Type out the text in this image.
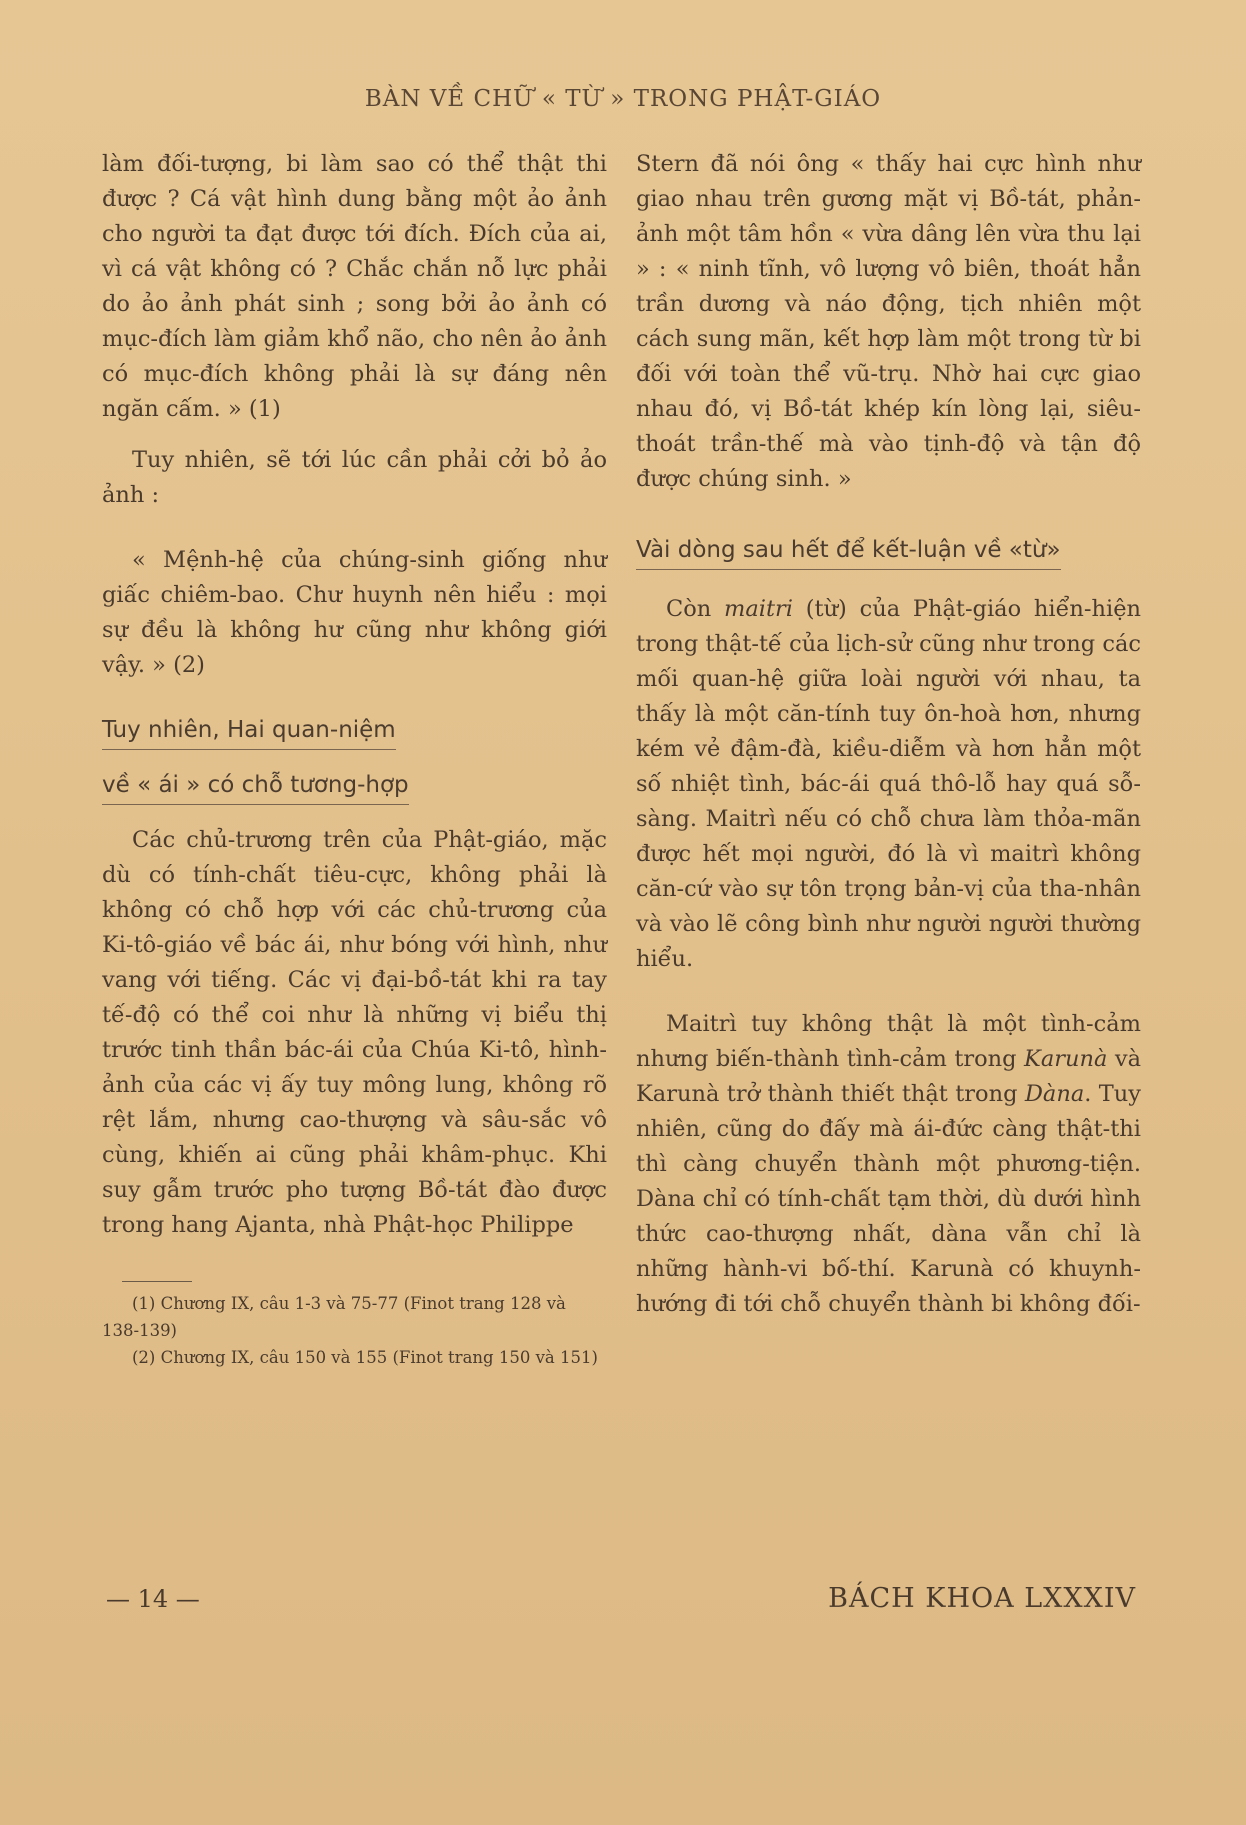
BÀN VỀ CHỮ « TỪ » TRONG PHẬT-GIÁO

làm đối-tượng, bi làm sao có thể thật thi được ? Cá vật hình dung bằng một ảo ảnh cho người ta đạt được tới đích. Đích của ai, vì cá vật không có ? Chắc chắn nỗ lực phải do ảo ảnh phát sinh ; song bởi ảo ảnh có mục-đích làm giảm khổ não, cho nên ảo ảnh có mục-đích không phải là sự đáng nên ngăn cấm. » (1)

Tuy nhiên, sẽ tới lúc cần phải cởi bỏ ảo ảnh :

« Mệnh-hệ của chúng-sinh giống như giấc chiêm-bao. Chư huynh nên hiểu : mọi sự đều là không hư cũng như không giới vậy. » (2)

Tuy nhiên, Hai quan-niệm
về « ái » có chỗ tương-hợp

Các chủ-trương trên của Phật-giáo, mặc dù có tính-chất tiêu-cực, không phải là không có chỗ hợp với các chủ-trương của Ki-tô-giáo về bác ái, như bóng với hình, như vang với tiếng. Các vị đại-bồ-tát khi ra tay tế-độ có thể coi như là những vị biểu thị trước tinh thần bác-ái của Chúa Ki-tô, hình-ảnh của các vị ấy tuy mông lung, không rõ rệt lắm, nhưng cao-thượng và sâu-sắc vô cùng, khiến ai cũng phải khâm-phục. Khi suy gẫm trước pho tượng Bồ-tát đào được trong hang Ajanta, nhà Phật-học Philippe

(1) Chương IX, câu 1-3 và 75-77 (Finot trang 128 và 138-139)

(2) Chương IX, câu 150 và 155 (Finot trang 150 và 151)

Stern đã nói ông « thấy hai cực hình như giao nhau trên gương mặt vị Bồ-tát, phản-ảnh một tâm hồn « vừa dâng lên vừa thu lại » : « ninh tĩnh, vô lượng vô biên, thoát hẳn trần dương và náo động, tịch nhiên một cách sung mãn, kết hợp làm một trong từ bi đối với toàn thể vũ-trụ. Nhờ hai cực giao nhau đó, vị Bồ-tát khép kín lòng lại, siêu-thoát trần-thế mà vào tịnh-độ và tận độ được chúng sinh. »

Vài dòng sau hết để kết-luận về «từ»

Còn maitri (từ) của Phật-giáo hiển-hiện trong thật-tế của lịch-sử cũng như trong các mối quan-hệ giữa loài người với nhau, ta thấy là một căn-tính tuy ôn-hoà hơn, nhưng kém vẻ đậm-đà, kiều-diễm và hơn hẳn một số nhiệt tình, bác-ái quá thô-lỗ hay quá sỗ-sàng. Maitrì nếu có chỗ chưa làm thỏa-mãn được hết mọi người, đó là vì maitrì không căn-cứ vào sự tôn trọng bản-vị của tha-nhân và vào lẽ công bình như người người thường hiểu.

Maitrì tuy không thật là một tình-cảm nhưng biến-thành tình-cảm trong Karunà và Karunà trở thành thiết thật trong Dàna. Tuy nhiên, cũng do đấy mà ái-đức càng thật-thi thì càng chuyển thành một phương-tiện. Dàna chỉ có tính-chất tạm thời, dù dưới hình thức cao-thượng nhất, dàna vẫn chỉ là những hành-vi bố-thí. Karunà có khuynh-hướng đi tới chỗ chuyển thành bi không đối-

— 14 —	BÁCH KHOA LXXXIV
